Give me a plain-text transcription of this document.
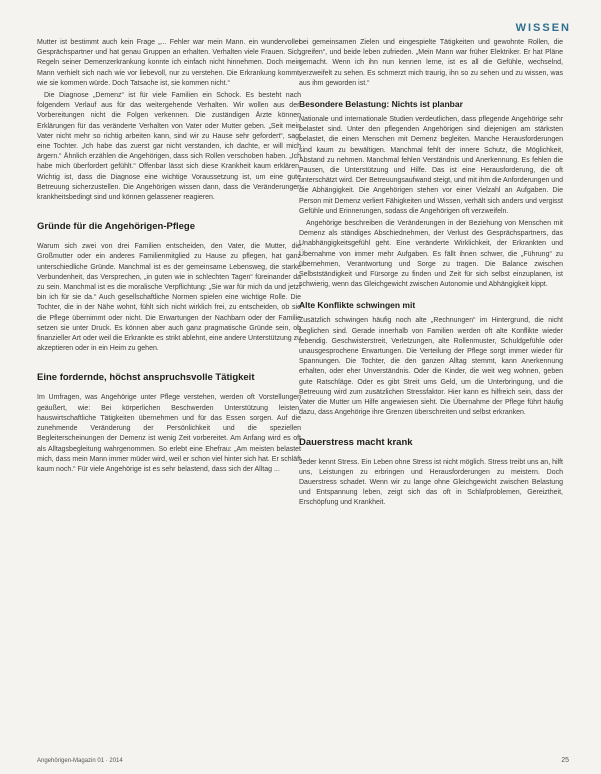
WISSEN

Mutter ist bestimmt auch kein Frage „... Fehler war mein Mann. ein wundervoller Gesprächspartner und hat genau Gruppen an erhalten. Verhalten viele Frauen. Sich Regeln seiner Demenzerkrankung konnte ich einfach nicht hinnehmen. Doch mein Mann verhielt sich nach wie vor liebevoll, nur zu verstehen. Die Erkrankung kommt, wie sie kommen würde. Doch Tatsache ist, sie kommen nicht.“

Die Diagnose „Demenz“ ist für viele Familien ein Schock. Es besteht nach folgendem Verlauf aus für das weitergehende Verhalten. Wir wollen aus den Vorbereitungen nicht die Folgen verkennen. Die zuständigen Ärzte können Erklärungen für das veränderte Verhalten von Vater oder Mutter geben. „Seit mein Vater nicht mehr so richtig arbeiten kann, sind wir zu Hause sehr gefordert“, sagt eine Tochter. „Ich habe das zuerst gar nicht verstanden, ich dachte, er will mich ärgern.“ Ähnlich erzählen die Angehörigen, dass sich Rollen verschoben haben. „Ich habe mich überfordert gefühlt.“ Offenbar lässt sich diese Krankheit kaum erklären. Wichtig ist, dass die Diagnose eine wichtige Voraussetzung ist, um eine gute Betreuung sicherzustellen. Die Angehörigen wissen dann, dass die Veränderungen krankheitsbedingt sind und können gelassener reagieren.

Gründe für die Angehörigen-Pflege

Warum sich zwei von drei Familien entscheiden, den Vater, die Mutter, die Großmutter oder ein anderes Familienmitglied zu Hause zu pflegen, hat ganz unterschiedliche Gründe. Manchmal ist es der gemeinsame Lebensweg, die starke Verbundenheit, das Versprechen, „in guten wie in schlechten Tagen“ füreinander da zu sein. Manchmal ist es die moralische Verpflichtung: „Sie war für mich da und jetzt bin ich für sie da.“ Auch gesellschaftliche Normen spielen eine wichtige Rolle. Die Tochter, die in der Nähe wohnt, fühlt sich nicht wirklich frei, zu entscheiden, ob sie die Pflege übernimmt oder nicht. Die Erwartungen der Nachbarn oder der Familie setzen sie unter Druck. Es können aber auch ganz pragmatische Gründe sein, ob finanzieller Art oder weil die Erkrankte es strikt ablehnt, eine andere Unterstützung zu akzeptieren oder in ein Heim zu gehen.

Eine fordernde, höchst anspruchsvolle Tätigkeit

Im Umfragen, was Angehörige unter Pflege verstehen, werden oft Vorstellungen geäußert, wie: Bei körperlichen Beschwerden Unterstützung leisten, hauswirtschaftliche Tätigkeiten übernehmen und für das Essen sorgen. Auf die zunehmende Veränderung der Persönlichkeit und die speziellen Begleiterscheinungen der Demenz ist wenig Zeit vorbereitet. Am Anfang wird es oft als Alltagsbegleitung wahrgenommen. So erlebt eine Ehefrau: „Am meisten belastet mich, dass mein Mann immer müder wird, weil er schon viel hinter sich hat. Er schläft kaum noch.“ Für viele Angehörige ist es sehr belastend, dass sich der Alltag ...

bei gemeinsamen Zielen und eingespielte Tätigkeiten und gewohnte Rollen, die „greifen“, und beide leben zufrieden. „Mein Mann war früher Elektriker. Er hat Pläne gemacht. Wenn ich ihn nun kennen lerne, ist es all die Gefühle, wechselnd, verzweifelt zu sehen. Es schmerzt mich traurig, ihn so zu sehen und zu wissen, was aus ihm geworden ist.“

Besondere Belastung: Nichts ist planbar

Nationale und internationale Studien verdeutlichen, dass pflegende Angehörige sehr belastet sind. Unter den pflegenden Angehörigen sind diejenigen am stärksten belastet, die einen Menschen mit Demenz begleiten. Manche Herausforderungen sind kaum zu bewältigen. Manchmal fehlt der innere Schutz, die Möglichkeit, Abstand zu nehmen. Manchmal fehlen Verständnis und Anerkennung. Es fehlen die Pausen, die Unterstützung und Hilfe. Das ist eine Herausforderung, die oft unterschätzt wird. Der Betreuungsaufwand steigt, und mit ihm die Anforderungen und die Abhängigkeit. Die Angehörigen stehen vor einer Vielzahl an Aufgaben. Die Person mit Demenz verliert Fähigkeiten und Wissen, verhält sich anders und vergisst Gefühle und Erinnerungen, sodass die Angehörigen oft verzweifeln.

Angehörige beschreiben die Veränderungen in der Beziehung von Menschen mit Demenz als ständiges Abschiednehmen, der Verlust des Gesprächspartners, das Unabhängigkeitsgefühl geht. Eine veränderte Wirklichkeit, der Erkrankten und Übernahme von immer mehr Aufgaben. Es fällt ihnen schwer, die „Führung“ zu übernehmen, Verantwortung und Sorge zu tragen. Die Balance zwischen Selbstständigkeit und Fürsorge zu finden und Zeit für sich selbst einzuplanen, ist schwierig, wenn das Gleichgewicht zwischen Autonomie und Abhängigkeit kippt.

Alte Konflikte schwingen mit

Zusätzlich schwingen häufig noch alte „Rechnungen“ im Hintergrund, die nicht beglichen sind. Gerade innerhalb von Familien werden oft alte Konflikte wieder lebendig. Geschwisterstreit, Verletzungen, alte Rollenmuster, Schuldgefühle oder unausgesprochene Erwartungen. Die Verteilung der Pflege sorgt immer wieder für Spannungen. Die Tochter, die den ganzen Alltag stemmt, kann Anerkennung erhalten, oder eher Unverständnis. Oder die Kinder, die weit weg wohnen, geben gute Ratschläge. Oder es gibt Streit ums Geld, um die Unterbringung, und die Betreuung wird zum zusätzlichen Stressfaktor. Hier kann es hilfreich sein, dass der Vater die Mutter um Hilfe angewiesen sieht. Die Übernahme der Pflege führt häufig dazu, dass Angehörige ihre Grenzen überschreiten und selbst erkranken.

Dauerstress macht krank

Jeder kennt Stress. Ein Leben ohne Stress ist nicht möglich. Stress treibt uns an, hilft uns, Leistungen zu erbringen und Herausforderungen zu meistern. Doch Dauerstress schadet. Wenn wir zu lange ohne Gleichgewicht zwischen Belastung und Entspannung leben, zeigt sich das oft in Schlafproblemen, Gereiztheit, Erschöpfung und Krankheit.

Angehörigen-Magazin 01 · 2014	25
